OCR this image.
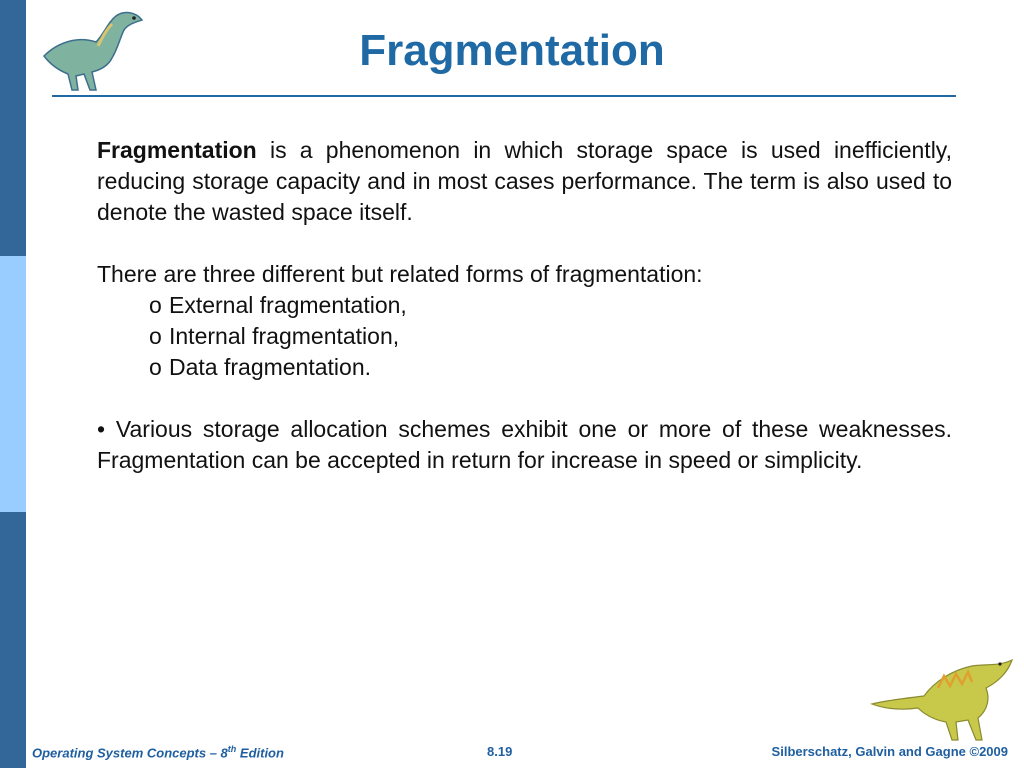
Fragmentation

Fragmentation is a phenomenon in which storage space is used inefficiently, reducing storage capacity and in most cases performance. The term is also used to denote the wasted space itself.

There are three different but related forms of fragmentation:

o External fragmentation,
o Internal fragmentation,
o Data fragmentation.

• Various storage allocation schemes exhibit one or more of these weaknesses. Fragmentation can be accepted in return for increase in speed or simplicity.

Operating System Concepts – 8th Edition	8.19	Silberschatz, Galvin and Gagne ©2009
